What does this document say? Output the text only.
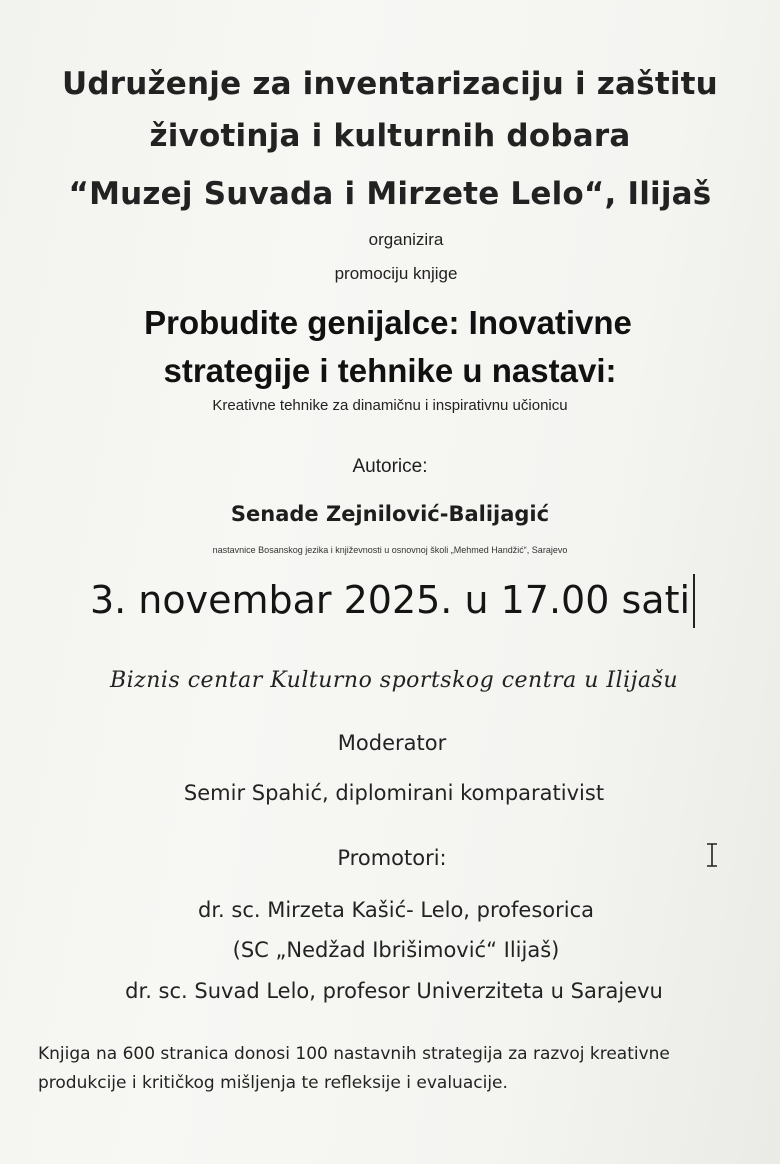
Udruženje za inventarizaciju i zaštitu
životinja i kulturnih dobara
“Muzej Suvada i Mirzete Lelo“, Ilijaš
organizira
promociju knjige
Probudite genijalce: Inovativne
strategije i tehnike u nastavi:
Kreativne tehnike za dinamičnu i inspirativnu učionicu
Autorice:
Senade Zejnilović-Balijagić
nastavnice Bosanskog jezika i književnosti u osnovnoj školi „Mehmed Handžić“, Sarajevo
3. novembar 2025. u 17.00 sati
Biznis centar Kulturno sportskog centra u Ilijašu
Moderator
Semir Spahić, diplomirani komparativist
Promotori:
dr. sc. Mirzeta Kašić- Lelo, profesorica
(SC „Nedžad Ibrišimović“ Ilijaš)
dr. sc. Suvad Lelo, profesor Univerziteta u Sarajevu
Knjiga na 600 stranica donosi 100 nastavnih strategija za razvoj kreativne
produkcije i kritičkog mišljenja te refleksije i evaluacije.
